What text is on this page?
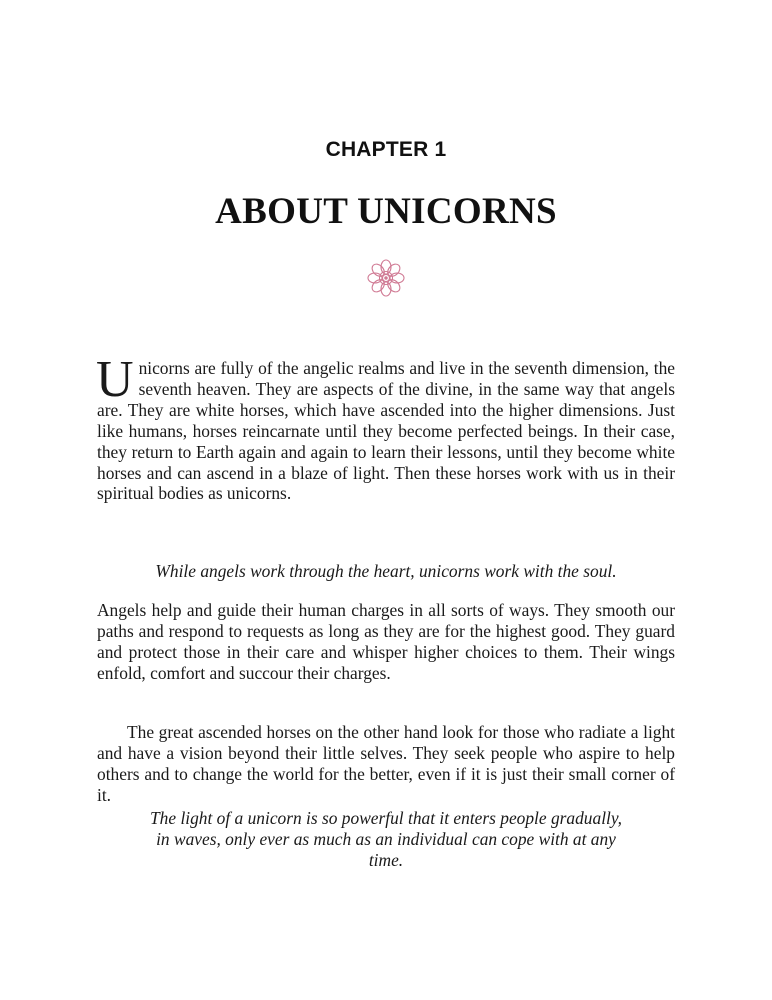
CHAPTER 1
ABOUT UNICORNS
Unicorns are fully of the angelic realms and live in the seventh dimension, the seventh heaven. They are aspects of the divine, in the same way that angels are. They are white horses, which have ascended into the higher dimensions. Just like humans, horses reincarnate until they become perfected beings. In their case, they return to Earth again and again to learn their lessons, until they become white horses and can ascend in a blaze of light. Then these horses work with us in their spiritual bodies as unicorns.
While angels work through the heart, unicorns work with the soul.
Angels help and guide their human charges in all sorts of ways. They smooth our paths and respond to requests as long as they are for the highest good. They guard and protect those in their care and whisper higher choices to them. Their wings enfold, comfort and succour their charges.
The great ascended horses on the other hand look for those who radiate a light and have a vision beyond their little selves. They seek people who aspire to help others and to change the world for the better, even if it is just their small corner of it.
The light of a unicorn is so powerful that it enters people gradually,
in waves, only ever as much as an individual can cope with at any
time.
